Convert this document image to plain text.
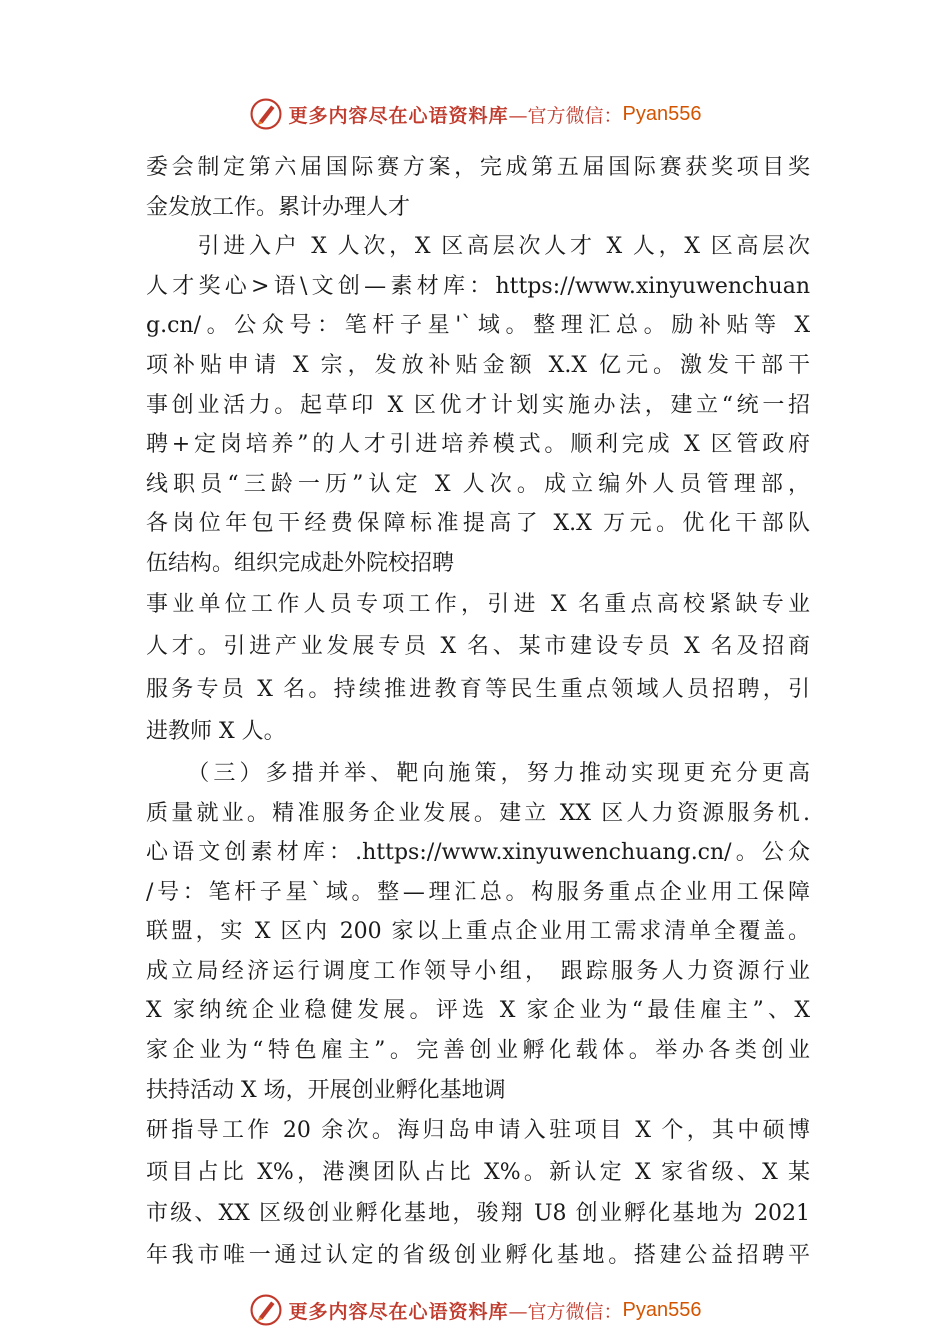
更多内容尽在心语资料库 —官方微信： Pyan556
委会制定第六届国际赛方案，完成第五届国际赛获奖项目奖
金发放工作。累计办理人才
　　引进入户 X 人次，X 区高层次人才 X 人，X 区高层次
人才奖心>语\文创—素材库：https://www.xinyuwenchuan
g.cn/。公众号：笔杆子星'`域。整理汇总。励补贴等 X
项补贴申请 X 宗，发放补贴金额 X.X 亿元。激发干部干
事创业活力。起草印 X 区优才计划实施办法，建立“统一招
聘+定岗培养”的人才引进培养模式。顺利完成 X 区管政府
线职员“三龄一历”认定 X 人次。成立编外人员管理部，
各岗位年包干经费保障标准提高了 X.X 万元。优化干部队
伍结构。组织完成赴外院校招聘
事业单位工作人员专项工作，引进 X 名重点高校紧缺专业
人才。引进产业发展专员 X 名、某市建设专员 X 名及招商
服务专员 X 名。持续推进教育等民生重点领域人员招聘，引
进教师 X 人。
　　（三）多措并举、靶向施策，努力推动实现更充分更高
质量就业。精准服务企业发展。建立 XX 区人力资源服务机.
心语文创素材库：.https://www.xinyuwenchuang.cn/。公众
/号：笔杆子星`域。整—理汇总。构服务重点企业用工保障
联盟，实 X 区内 200 家以上重点企业用工需求清单全覆盖。
成立局经济运行调度工作领导小组， 跟踪服务人力资源行业
X 家纳统企业稳健发展。评选 X 家企业为“最佳雇主”、X
家企业为“特色雇主”。完善创业孵化载体。举办各类创业
扶持活动 X 场，开展创业孵化基地调
研指导工作 20 余次。海归岛申请入驻项目 X 个，其中硕博
项目占比 X%，港澳团队占比 X%。新认定 X 家省级、X 某
市级、XX 区级创业孵化基地，骏翔 U8 创业孵化基地为 2021
年我市唯一通过认定的省级创业孵化基地。搭建公益招聘平
更多内容尽在心语资料库 —官方微信： Pyan556
